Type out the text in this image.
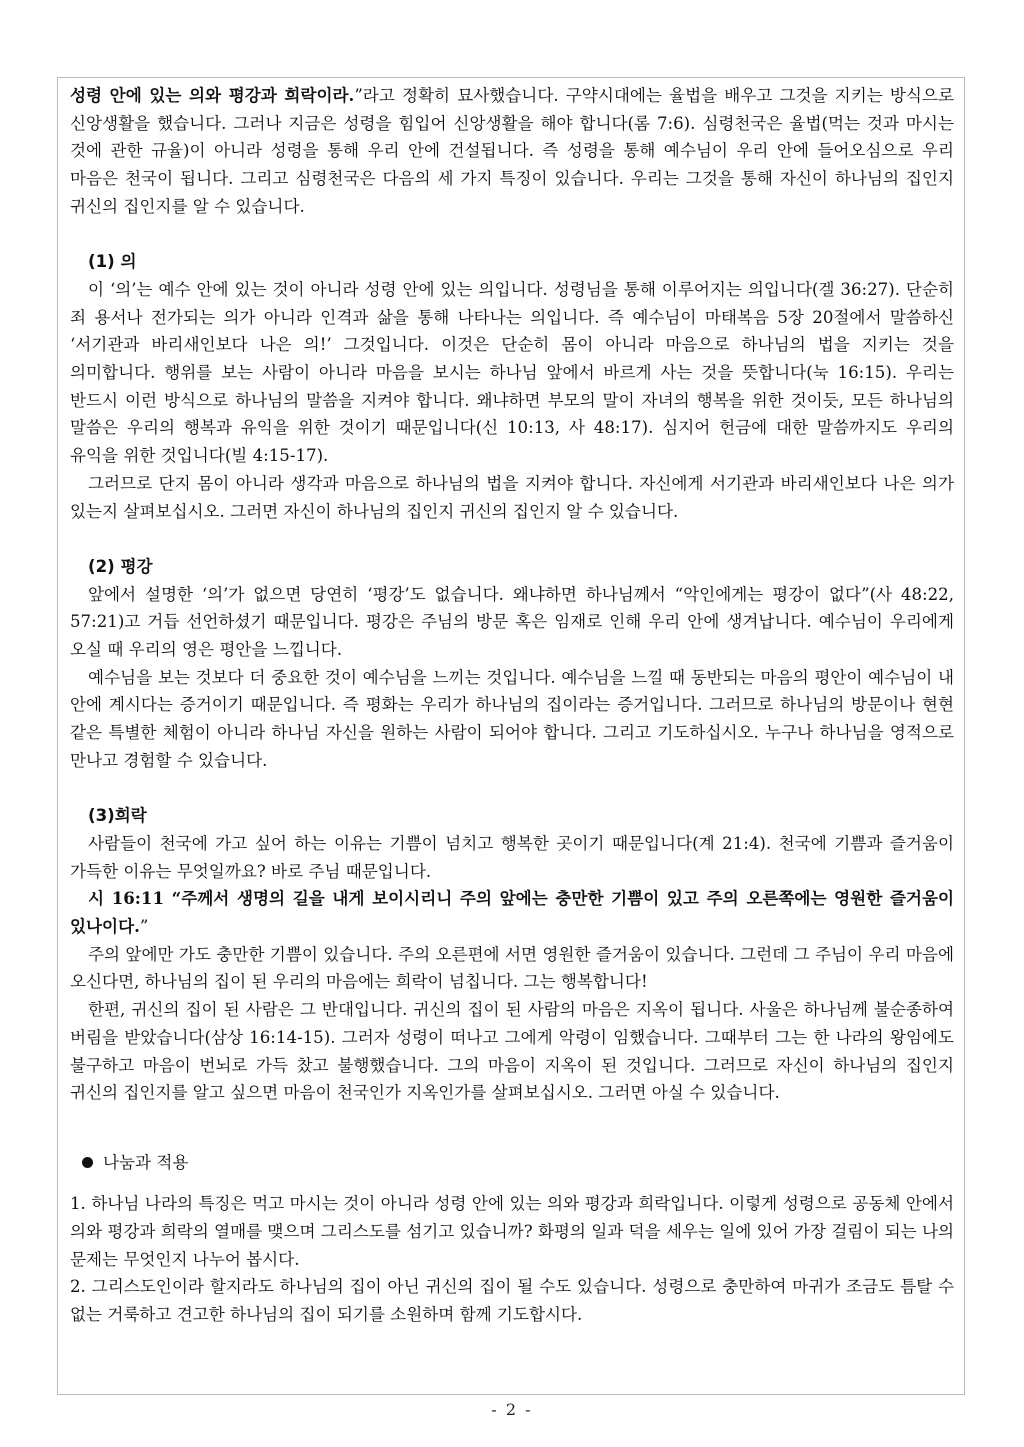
성령 안에 있는 의와 평강과 희락이라.”라고 정확히 묘사했습니다. 구약시대에는 율법을 배우고 그것을 지키는 방식으로 신앙생활을 했습니다. 그러나 지금은 성령을 힘입어 신앙생활을 해야 합니다(롬 7:6). 심령천국은 율법(먹는 것과 마시는 것에 관한 규율)이 아니라 성령을 통해 우리 안에 건설됩니다. 즉 성령을 통해 예수님이 우리 안에 들어오심으로 우리 마음은 천국이 됩니다. 그리고 심령천국은 다음의 세 가지 특징이 있습니다. 우리는 그것을 통해 자신이 하나님의 집인지 귀신의 집인지를 알 수 있습니다.

(1) 의

이 ‘의’는 예수 안에 있는 것이 아니라 성령 안에 있는 의입니다. 성령님을 통해 이루어지는 의입니다(겔 36:27). 단순히 죄 용서나 전가되는 의가 아니라 인격과 삶을 통해 나타나는 의입니다. 즉 예수님이 마태복음 5장 20절에서 말씀하신 ‘서기관과 바리새인보다 나은 의!’ 그것입니다. 이것은 단순히 몸이 아니라 마음으로 하나님의 법을 지키는 것을 의미합니다. 행위를 보는 사람이 아니라 마음을 보시는 하나님 앞에서 바르게 사는 것을 뜻합니다(눅 16:15). 우리는 반드시 이런 방식으로 하나님의 말씀을 지켜야 합니다. 왜냐하면 부모의 말이 자녀의 행복을 위한 것이듯, 모든 하나님의 말씀은 우리의 행복과 유익을 위한 것이기 때문입니다(신 10:13, 사 48:17). 심지어 헌금에 대한 말씀까지도 우리의 유익을 위한 것입니다(빌 4:15-17).

그러므로 단지 몸이 아니라 생각과 마음으로 하나님의 법을 지켜야 합니다. 자신에게 서기관과 바리새인보다 나은 의가 있는지 살펴보십시오. 그러면 자신이 하나님의 집인지 귀신의 집인지 알 수 있습니다.

(2) 평강

앞에서 설명한 ‘의’가 없으면 당연히 ‘평강’도 없습니다. 왜냐하면 하나님께서 “악인에게는 평강이 없다”(사 48:22, 57:21)고 거듭 선언하셨기 때문입니다. 평강은 주님의 방문 혹은 임재로 인해 우리 안에 생겨납니다. 예수님이 우리에게 오실 때 우리의 영은 평안을 느낍니다.

예수님을 보는 것보다 더 중요한 것이 예수님을 느끼는 것입니다. 예수님을 느낄 때 동반되는 마음의 평안이 예수님이 내 안에 계시다는 증거이기 때문입니다. 즉 평화는 우리가 하나님의 집이라는 증거입니다. 그러므로 하나님의 방문이나 현현 같은 특별한 체험이 아니라 하나님 자신을 원하는 사람이 되어야 합니다. 그리고 기도하십시오. 누구나 하나님을 영적으로 만나고 경험할 수 있습니다.

(3)희락

사람들이 천국에 가고 싶어 하는 이유는 기쁨이 넘치고 행복한 곳이기 때문입니다(계 21:4). 천국에 기쁨과 즐거움이 가득한 이유는 무엇일까요? 바로 주님 때문입니다.

시 16:11 “주께서 생명의 길을 내게 보이시리니 주의 앞에는 충만한 기쁨이 있고 주의 오른쪽에는 영원한 즐거움이 있나이다.”

주의 앞에만 가도 충만한 기쁨이 있습니다. 주의 오른편에 서면 영원한 즐거움이 있습니다. 그런데 그 주님이 우리 마음에 오신다면, 하나님의 집이 된 우리의 마음에는 희락이 넘칩니다. 그는 행복합니다!

한편, 귀신의 집이 된 사람은 그 반대입니다. 귀신의 집이 된 사람의 마음은 지옥이 됩니다. 사울은 하나님께 불순종하여 버림을 받았습니다(삼상 16:14-15). 그러자 성령이 떠나고 그에게 악령이 임했습니다. 그때부터 그는 한 나라의 왕임에도 불구하고 마음이 번뇌로 가득 찼고 불행했습니다. 그의 마음이 지옥이 된 것입니다. 그러므로 자신이 하나님의 집인지 귀신의 집인지를 알고 싶으면 마음이 천국인가 지옥인가를 살펴보십시오. 그러면 아실 수 있습니다.

나눔과 적용

1. 하나님 나라의 특징은 먹고 마시는 것이 아니라 성령 안에 있는 의와 평강과 희락입니다. 이렇게 성령으로 공동체 안에서 의와 평강과 희락의 열매를 맺으며 그리스도를 섬기고 있습니까? 화평의 일과 덕을 세우는 일에 있어 가장 걸림이 되는 나의 문제는 무엇인지 나누어 봅시다.

2. 그리스도인이라 할지라도 하나님의 집이 아닌 귀신의 집이 될 수도 있습니다. 성령으로 충만하여 마귀가 조금도 틈탈 수 없는 거룩하고 견고한 하나님의 집이 되기를 소원하며 함께 기도합시다.

- 2 -
